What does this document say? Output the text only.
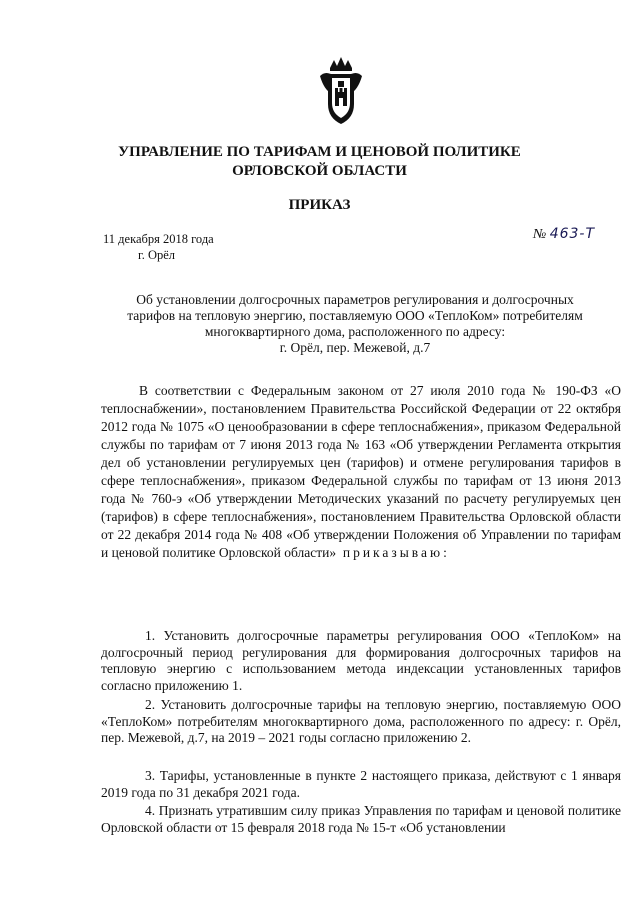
УПРАВЛЕНИЕ ПО ТАРИФАМ И ЦЕНОВОЙ ПОЛИТИКЕ
ОРЛОВСКОЙ ОБЛАСТИ
ПРИКАЗ
11 декабря 2018 года
г. Орёл
№ 463-Т
Об установлении долгосрочных параметров регулирования и долгосрочных
тарифов на тепловую энергию, поставляемую ООО «ТеплоКом» потребителям
многоквартирного дома, расположенного по адресу:
г. Орёл, пер. Межевой, д.7
В соответствии с Федеральным законом от 27 июля 2010 года № 190-ФЗ «О теплоснабжении», постановлением Правительства Российской Федерации от 22 октября 2012 года № 1075 «О ценообразовании в сфере теплоснабжения», приказом Федеральной службы по тарифам от 7 июня 2013 года № 163 «Об утверждении Регламента открытия дел об установлении регулируемых цен (тарифов) и отмене регулирования тарифов в сфере теплоснабжения», приказом Федеральной службы по тарифам от 13 июня 2013 года № 760-э «Об утверждении Методических указаний по расчету регулируемых цен (тарифов) в сфере теплоснабжения», постановлением Правительства Орловской области от 22 декабря 2014 года № 408 «Об утверждении Положения об Управлении по тарифам и ценовой политике Орловской области» приказываю:
1. Установить долгосрочные параметры регулирования ООО «ТеплоКом» на долгосрочный период регулирования для формирования долгосрочных тарифов на тепловую энергию с использованием метода индексации установленных тарифов согласно приложению 1.
2. Установить долгосрочные тарифы на тепловую энергию, поставляемую ООО «ТеплоКом» потребителям многоквартирного дома, расположенного по адресу: г. Орёл, пер. Межевой, д.7, на 2019 – 2021 годы согласно приложению 2.
3. Тарифы, установленные в пункте 2 настоящего приказа, действуют с 1 января 2019 года по 31 декабря 2021 года.
4. Признать утратившим силу приказ Управления по тарифам и ценовой политике Орловской области от 15 февраля 2018 года № 15-т «Об установлении
